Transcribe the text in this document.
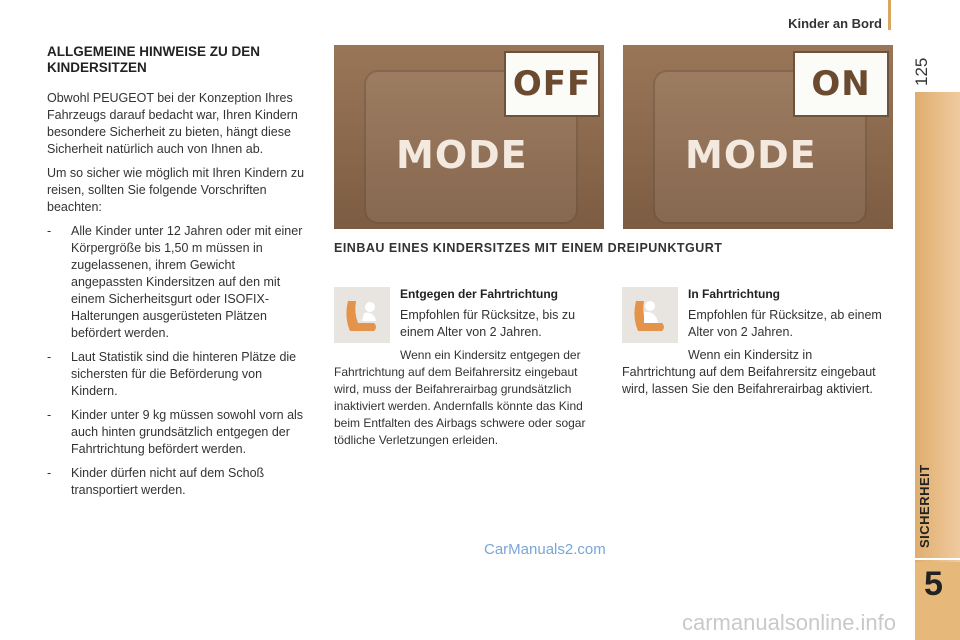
Kinder an Bord
125
SICHERHEIT
5
ALLGEMEINE HINWEISE ZU DEN KINDERSITZEN

Obwohl PEUGEOT bei der Konzeption Ihres Fahrzeugs darauf bedacht war, Ihren Kindern besondere Sicherheit zu bieten, hängt diese Sicherheit natürlich auch von Ihnen ab.

Um so sicher wie möglich mit Ihren Kindern zu reisen, sollten Sie folgende Vorschriften beachten:

- Alle Kinder unter 12 Jahren oder mit einer Körpergröße bis 1,50 m müssen in zugelassenen, ihrem Gewicht angepassten Kindersitzen auf den mit einem Sicherheitsgurt oder ISOFIX-Halterungen ausgerüsteten Plätzen befördert werden.
- Laut Statistik sind die hinteren Plätze die sichersten für die Beförderung von Kindern.
- Kinder unter 9 kg müssen sowohl vorn als auch hinten grundsätzlich entgegen der Fahrtrichtung befördert werden.
- Kinder dürfen nicht auf dem Schoß transportiert werden.
OFF
MODE
ON
MODE
EINBAU EINES KINDERSITZES MIT EINEM DREIPUNKTGURT
Entgegen der Fahrtrichtung

Empfohlen für Rücksitze, bis zu einem Alter von 2 Jahren.

Wenn ein Kindersitz entgegen der

Fahrtrichtung auf dem Beifahrersitz eingebaut wird, muss der Beifahrerairbag grundsätzlich inaktiviert werden. Andernfalls könnte das Kind beim Entfalten des Airbags schwere oder sogar tödliche Verletzungen erleiden.

In Fahrtrichtung

Empfohlen für Rücksitze, ab einem Alter von 2 Jahren.

Wenn ein Kindersitz in

Fahrtrichtung auf dem Beifahrersitz eingebaut wird, lassen Sie den Beifahrerairbag aktiviert.

CarManuals2.com
carmanualsonline.info
